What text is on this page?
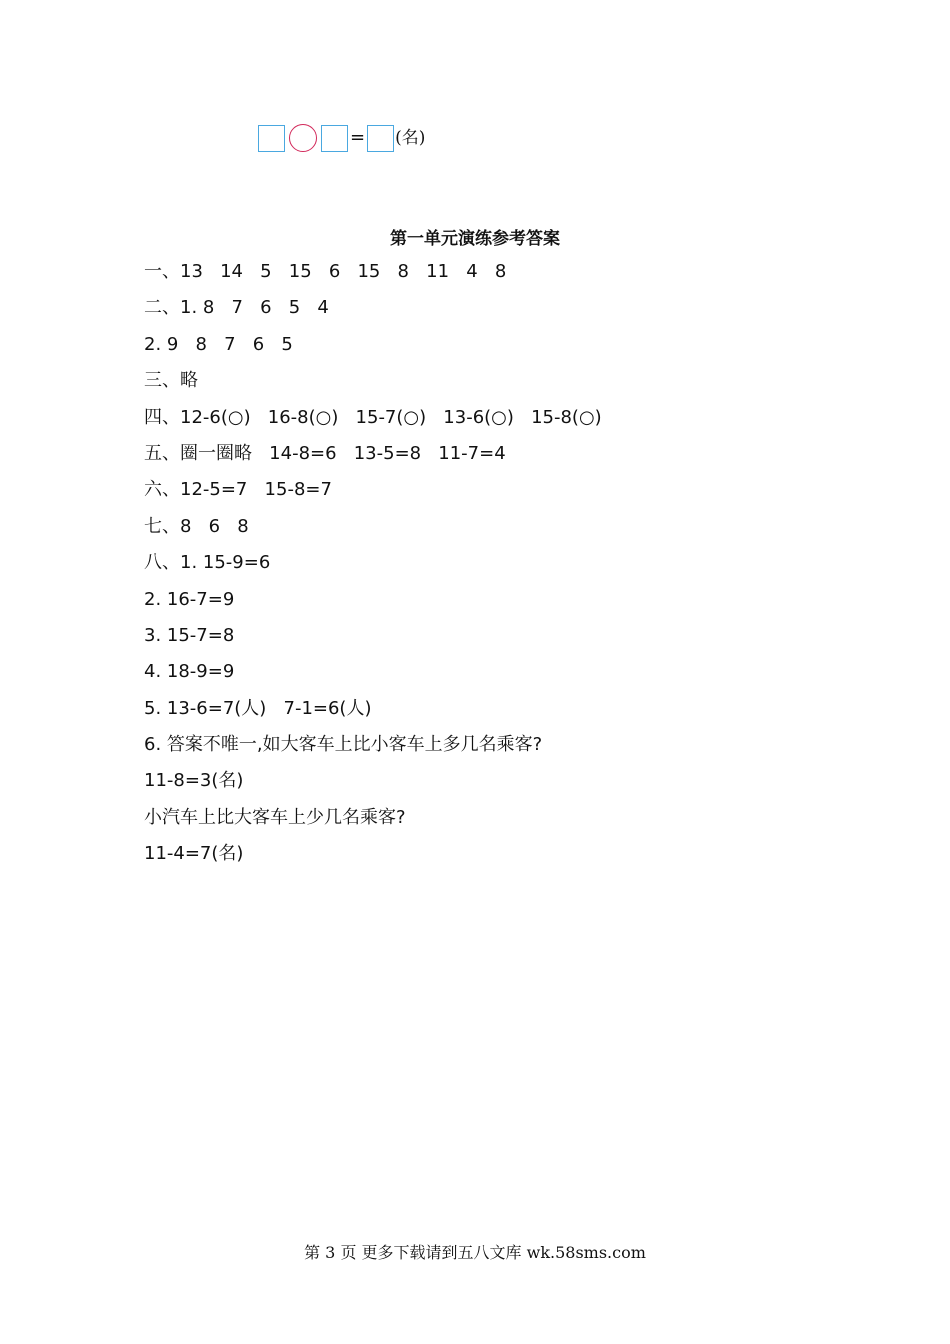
= (名)
第一单元演练参考答案
一、13   14   5   15   6   15   8   11   4   8
二、1. 8   7   6   5   4
2. 9   8   7   6   5
三、略
四、12-6(○)   16-8(○)   15-7(○)   13-6(○)   15-8(○)
五、圈一圈略   14-8=6   13-5=8   11-7=4
六、12-5=7   15-8=7
七、8   6   8
八、1. 15-9=6
2. 16-7=9
3. 15-7=8
4. 18-9=9
5. 13-6=7(人)   7-1=6(人)
6. 答案不唯一,如大客车上比小客车上多几名乘客?
11-8=3(名)
小汽车上比大客车上少几名乘客?
11-4=7(名)
第 3 页 更多下载请到五八文库 wk.58sms.com
